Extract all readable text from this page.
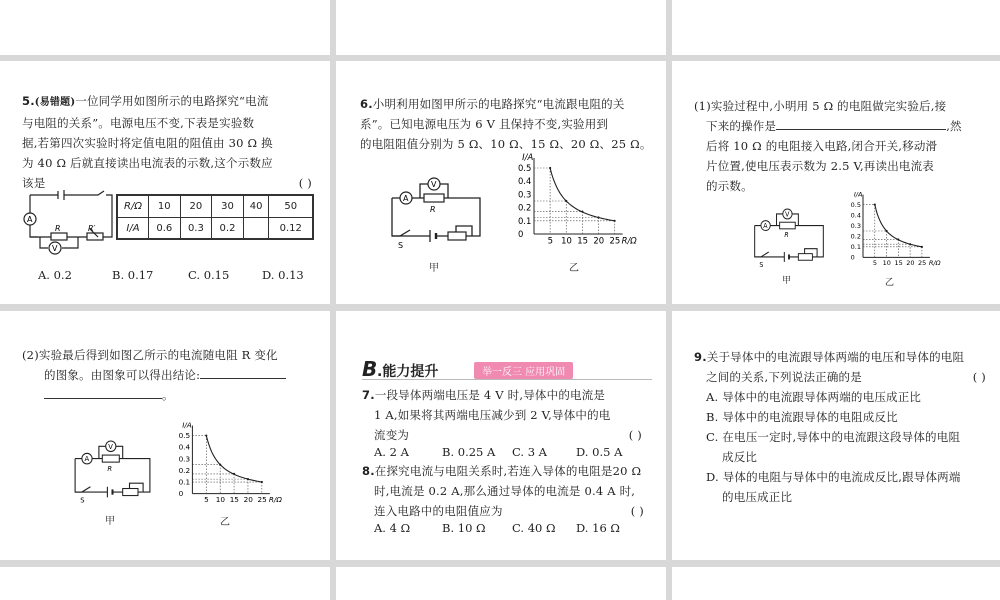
5.(易错题)一位同学用如图所示的电路探究“电流
与电阻的关系”。电源电压不变,下表是实验数
据,若第四次实验时将定值电阻的阻值由 30 Ω 换
为 40 Ω 后就直接读出电流表的示数,这个示数应
该是	( )
A
V
R	R′
R/Ω	10	20	30	40	50
I/A	0.6	0.3	0.2		0.12
A. 0.2	B. 0.17	C. 0.15	D. 0.13
6.小明利用如图甲所示的电路探究“电流跟电阻的关
系”。已知电源电压为 6 V 且保持不变,实验用到
的电阻阻值分别为 5 Ω、10 Ω、15 Ω、20 Ω、25 Ω。
A
R
V
S
甲
I/A
R/Ω
0.5
0.4
0.3
0.2
0.1
0
5 10 15 20 25
乙
(1)实验过程中,小明用 5 Ω 的电阻做完实验后,接
下来的操作是	,然
后将 10 Ω 的电阻接入电路,闭合开关,移动滑
片位置,使电压表示数为 2.5 V,再读出电流表
的示数。
A
R
V
S
甲
I/A
R/Ω
0.5
0.4
0.3
0.2
0.1
0
5 10 15 20 25
乙
(2)实验最后得到如图乙所示的电流随电阻 R 变化
的图象。由图象可以得出结论:
。
A
R
V
S
甲
I/A
R/Ω
0.5
0.4
0.3
0.2
0.1
0
5 10 15 20 25
乙
B .能力提升	举一反三 应用巩固
7.一段导体两端电压是 4 V 时,导体中的电流是
1 A,如果将其两端电压减少到 2 V,导体中的电
流变为	( )
A. 2 A	B. 0.25 A C. 3 A	D. 0.5 A
8.在探究电流与电阻关系时,若连入导体的电阻是20 Ω
时,电流是 0.2 A,那么通过导体的电流是 0.4 A 时,
连入电路中的电阻值应为	( )
A. 4 Ω	B. 10 Ω C. 40 Ω D. 16 Ω
9.关于导体中的电流跟导体两端的电压和导体的电阻
之间的关系,下列说法正确的是	( )
A. 导体中的电流跟导体两端的电压成正比
B. 导体中的电流跟导体的电阻成反比
C. 在电压一定时,导体中的电流跟这段导体的电阻
成反比
D. 导体的电阻与导体中的电流成反比,跟导体两端
的电压成正比
